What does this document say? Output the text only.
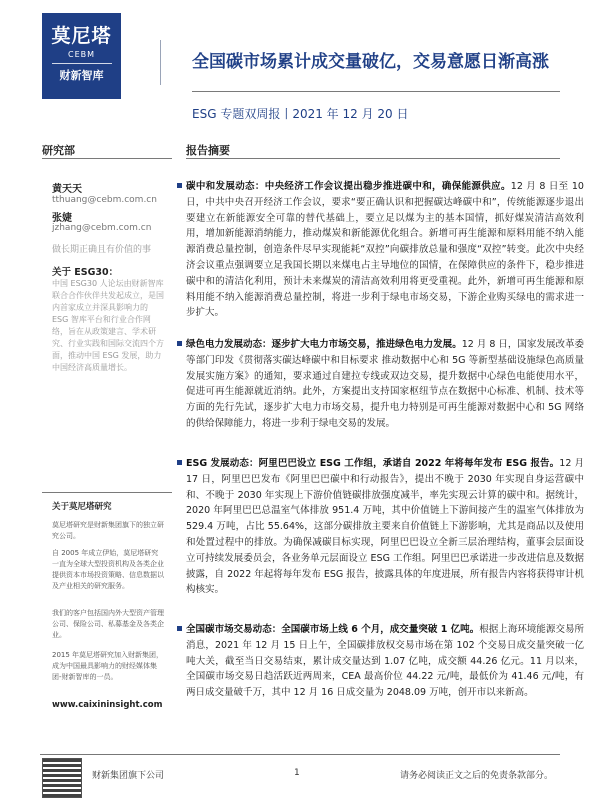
莫尼塔
CEBM
财新智库
全国碳市场累计成交量破亿，交易意愿日渐高涨
ESG 专题双周报丨2021 年 12 月 20 日
研究部	报告摘要
黄天天
tthuang@cebm.com.cn
张婕
jzhang@cebm.com.cn
做长期正确且有价值的事
关于 ESG30：
中国 ESG30 人论坛由财新智库联合合作伙伴共发起成立，是国内首家成立并深具影响力的 ESG 智库平台和行业合作网络，旨在从政策建言、学术研究、行业实践和国际交流四个方面，推动中国 ESG 发展，助力中国经济高质量增长。
关于莫尼塔研究
莫尼塔研究是财新集团旗下的独立研究公司。
自 2005 年成立伊始，莫尼塔研究一直为全球大型投资机构及各类企业提供资本市场投资策略、信息数据以及产业相关的研究服务。
我们的客户包括国内外大型资产管理公司、保险公司、私募基金及各类企业。
2015 年莫尼塔研究加入财新集团，成为中国最具影响力的财经媒体集团-财新智库的一员。
www.caixininsight.com
碳中和发展动态：中央经济工作会议提出稳步推进碳中和，确保能源供应。12 月 8 日至 10 日，中共中央召开经济工作会议，要求“要正确认识和把握碳达峰碳中和”，传统能源逐步退出要建立在新能源安全可靠的替代基础上，要立足以煤为主的基本国情，抓好煤炭清洁高效利用，增加新能源消纳能力，推动煤炭和新能源优化组合。新增可再生能源和原料用能不纳入能源消费总量控制，创造条件尽早实现能耗“双控”向碳排放总量和强度“双控”转变。此次中央经济会议重点强调要立足我国长期以来煤电占主导地位的国情，在保障供应的条件下，稳步推进碳中和的清洁化利用，预计未来煤炭的清洁高效利用将更受重视。此外，新增可再生能源和原料用能不纳入能源消费总量控制，将进一步利于绿电市场交易，下游企业购买绿电的需求进一步扩大。
绿色电力发展动态：逐步扩大电力市场交易，推进绿色电力发展。12 月 8 日，国家发展改革委等部门印发《贯彻落实碳达峰碳中和目标要求 推动数据中心和 5G 等新型基础设施绿色高质量发展实施方案》的通知，要求通过自建拉专线或双边交易，提升数据中心绿色电能使用水平，促进可再生能源就近消纳。此外，方案提出支持国家枢纽节点在数据中心标准、机制、技术等方面的先行先试，逐步扩大电力市场交易，提升电力特别是可再生能源对数据中心和 5G 网络的供给保障能力，将进一步利于绿电交易的发展。
ESG 发展动态：阿里巴巴设立 ESG 工作组，承诺自 2022 年将每年发布 ESG 报告。12 月 17 日，阿里巴巴发布《阿里巴巴碳中和行动报告》，提出不晚于 2030 年实现自身运营碳中和、不晚于 2030 年实现上下游价值链碳排放强度减半，率先实现云计算的碳中和。据统计，2020 年阿里巴巴总温室气体排放 951.4 万吨，其中价值链上下游间接产生的温室气体排放为 529.4 万吨，占比 55.64%，这部分碳排放主要来自价值链上下游影响，尤其是商品以及使用和处置过程中的排放。为确保减碳目标实现，阿里巴巴设立全新三层治理结构，董事会层面设立可持续发展委员会，各业务单元层面设立 ESG 工作组。阿里巴巴承诺进一步改进信息及数据披露，自 2022 年起将每年发布 ESG 报告，披露具体的年度进展，所有报告内容将获得审计机构核实。
全国碳市场交易动态：全国碳市场上线 6 个月，成交量突破 1 亿吨。根据上海环境能源交易所消息，2021 年 12 月 15 日上午，全国碳排放权交易市场在第 102 个交易日成交量突破一亿吨大关，截至当日交易结束，累计成交量达到 1.07 亿吨，成交额 44.26 亿元。11 月以来，全国碳市场交易日趋活跃近两周来，CEA 最高价位 44.22 元/吨，最低价为 41.46 元/吨，有两日成交量破千万，其中 12 月 16 日成交量为 2048.09 万吨，创开市以来新高。
财新集团旗下公司	1	请务必阅读正文之后的免责条款部分。
